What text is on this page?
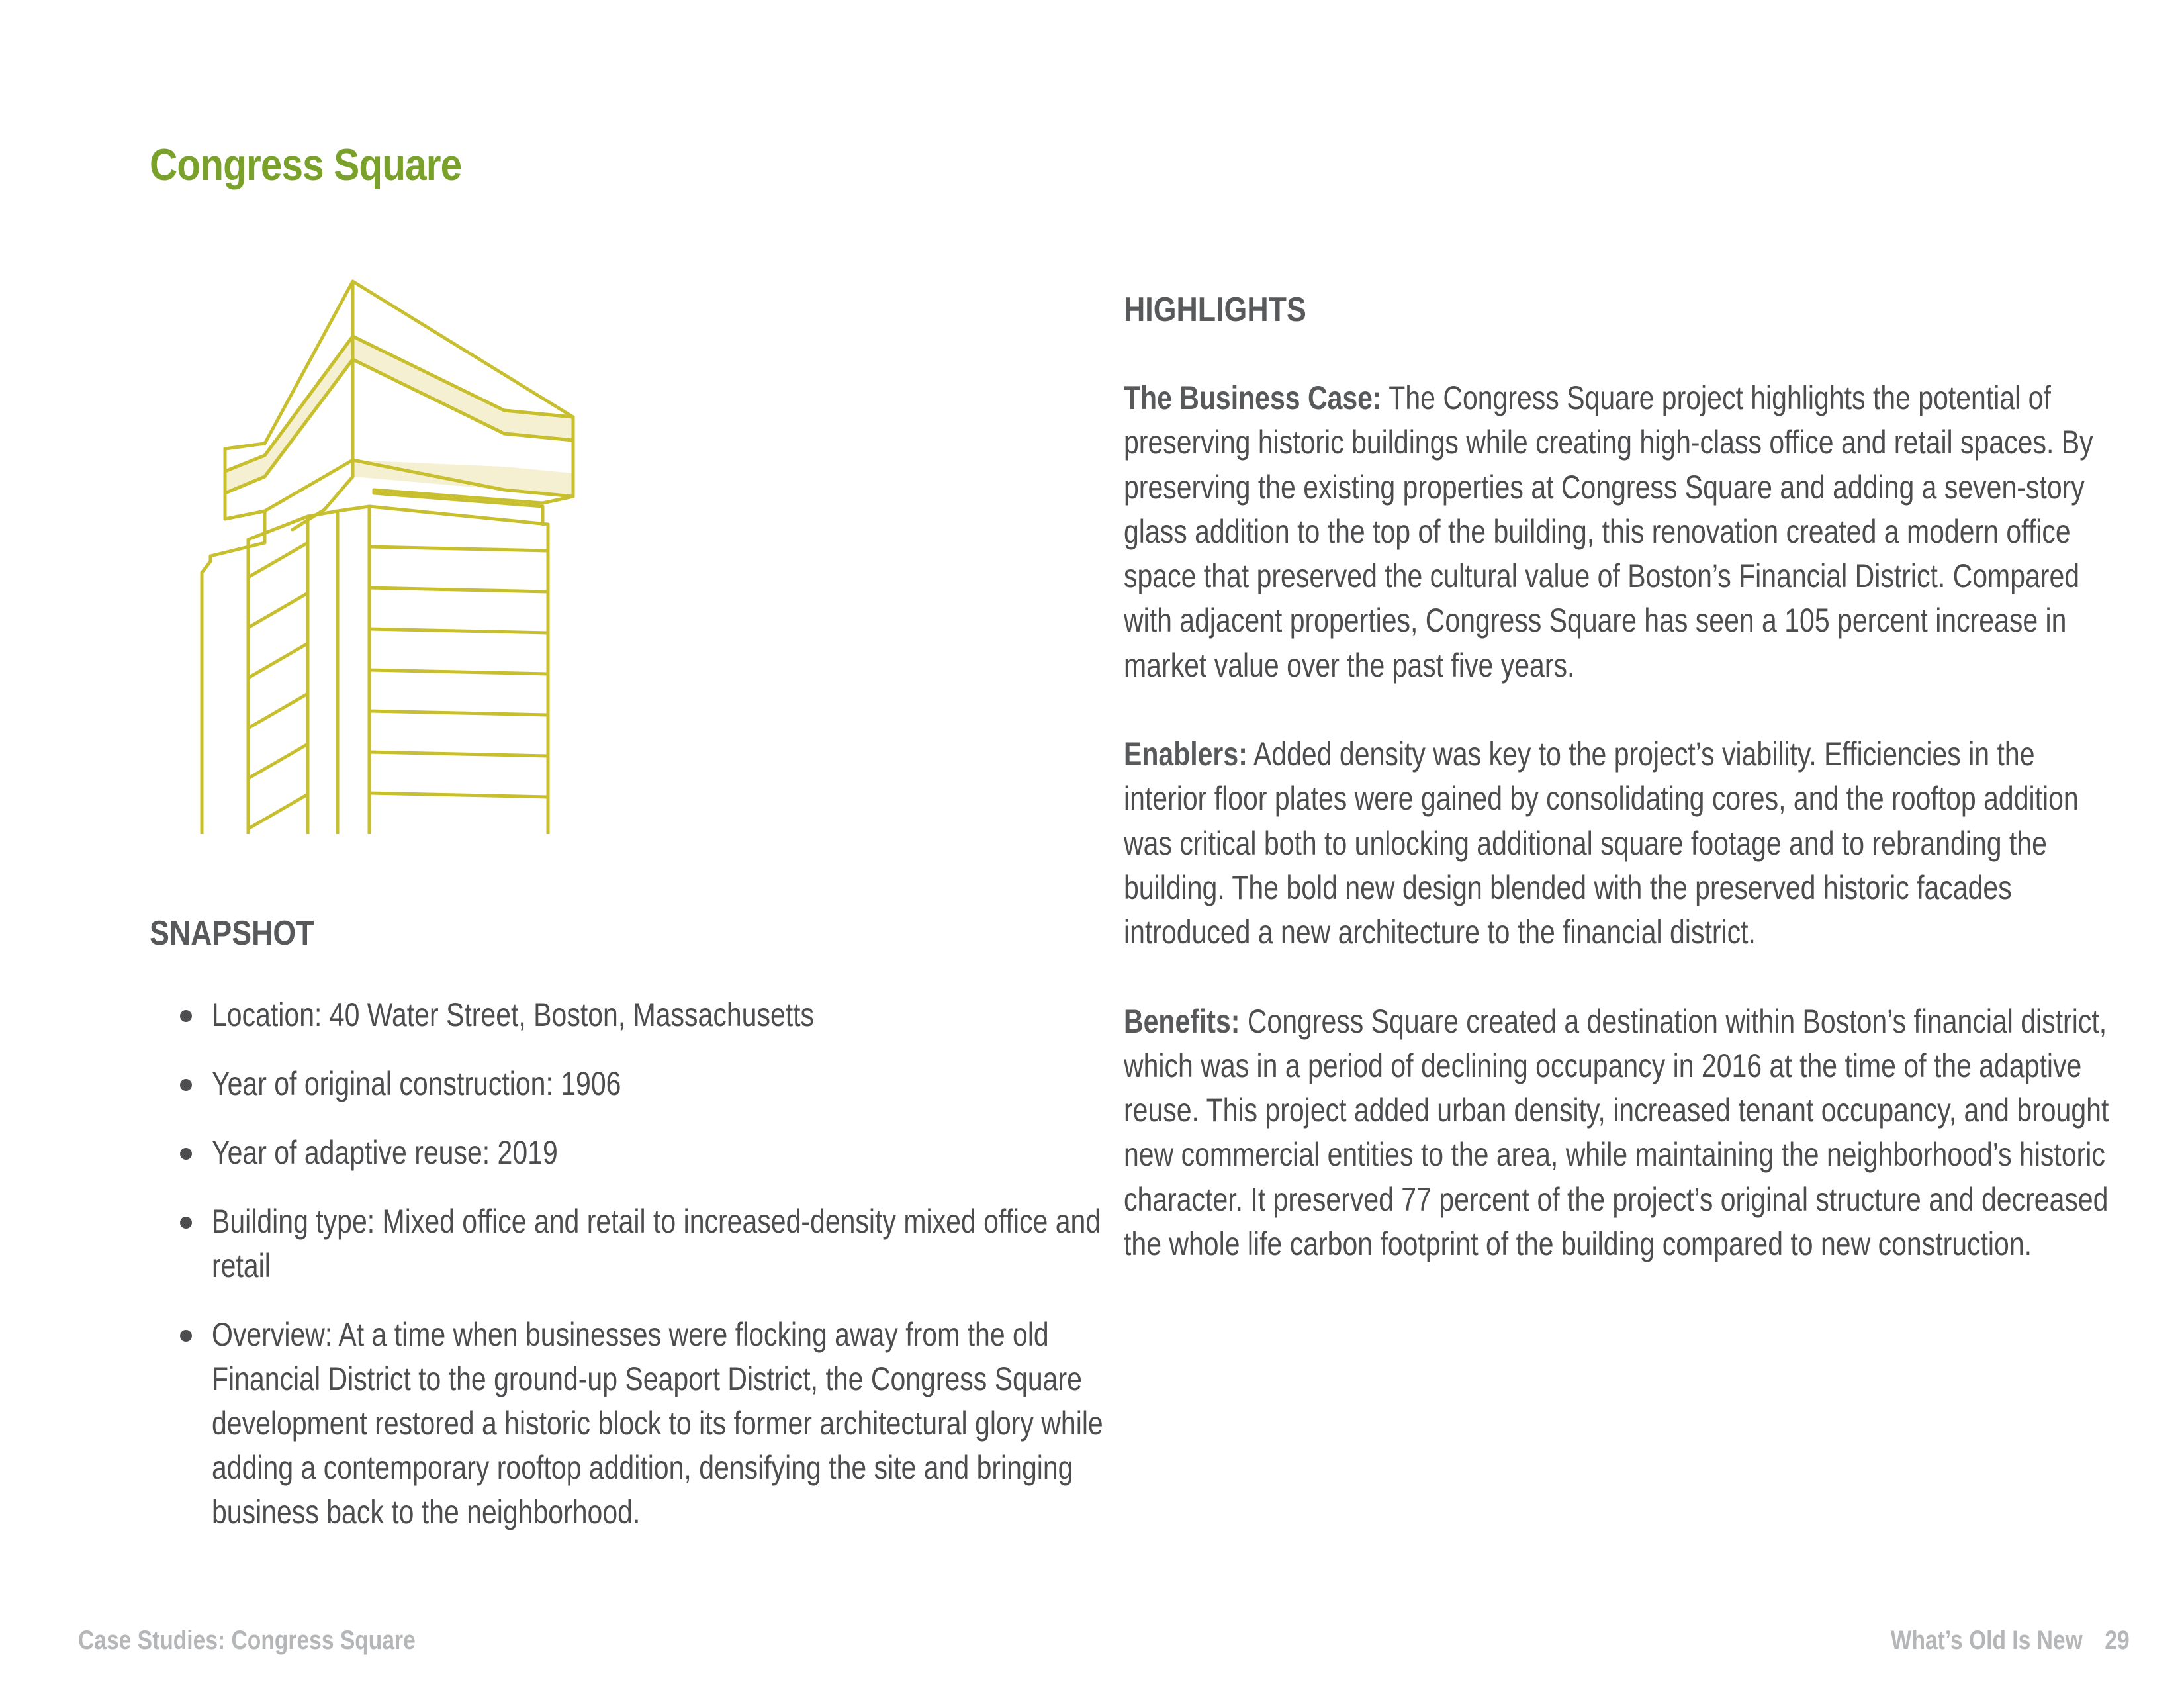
Congress Square
SNAPSHOT
Location: 40 Water Street, Boston, Massachusetts
Year of original construction: 1906
Year of adaptive reuse: 2019
Building type: Mixed office and retail to increased-density mixed office and retail
Overview: At a time when businesses were flocking away from the old Financial District to the ground-up Seaport District, the Congress Square development restored a historic block to its former architectural glory while adding a contemporary rooftop addition, densifying the site and bringing business back to the neighborhood.
HIGHLIGHTS

The Business Case: The Congress Square project highlights the potential of preserving historic buildings while creating high-class office and retail spaces. By preserving the existing properties at Congress Square and adding a seven-story glass addition to the top of the building, this renovation created a modern office space that preserved the cultural value of Boston’s Financial District. Compared with adjacent properties, Congress Square has seen a 105 percent increase in market value over the past five years.

Enablers: Added density was key to the project’s viability. Efficiencies in the interior floor plates were gained by consolidating cores, and the rooftop addition was critical both to unlocking additional square footage and to rebranding the building. The bold new design blended with the preserved historic facades introduced a new architecture to the financial district.

Benefits: Congress Square created a destination within Boston’s financial district, which was in a period of declining occupancy in 2016 at the time of the adaptive reuse. This project added urban density, increased tenant occupancy, and brought new commercial entities to the area, while maintaining the neighborhood’s historic character. It preserved 77 percent of the project’s original structure and decreased the whole life carbon footprint of the building compared to new construction.

Case Studies: Congress Square	What’s Old Is New 29
